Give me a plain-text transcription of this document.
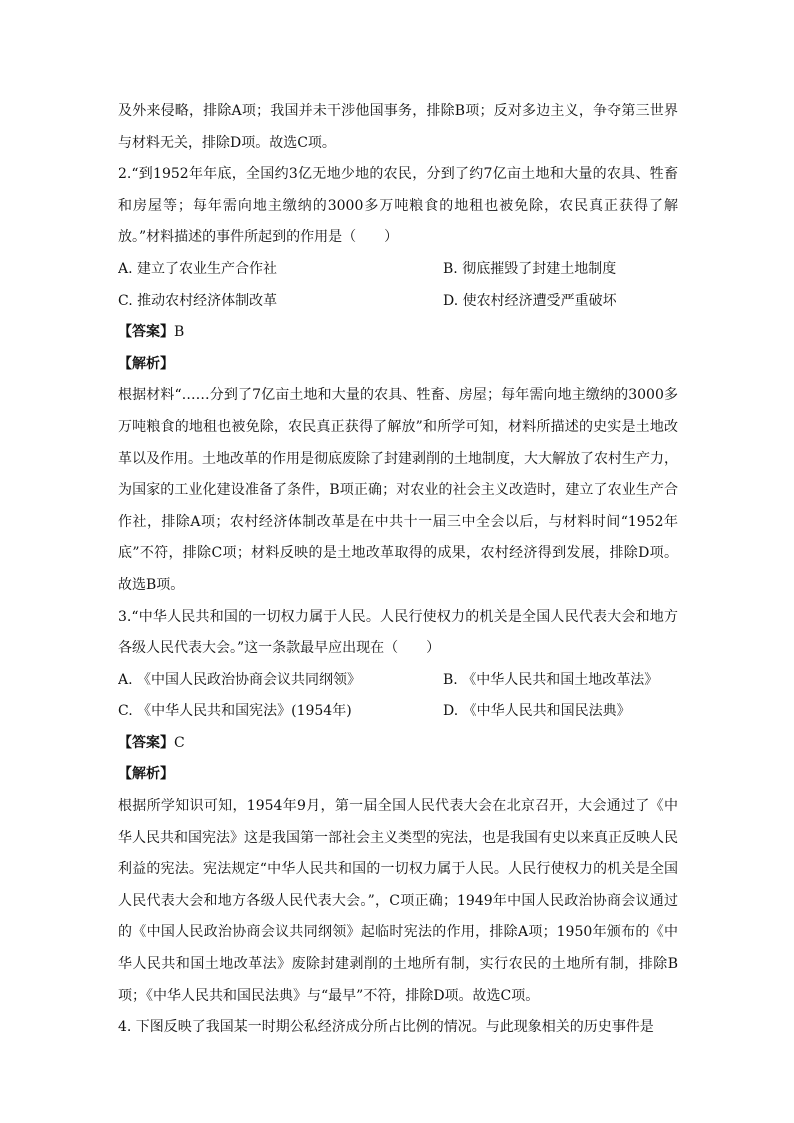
及外来侵略，排除A项；我国并未干涉他国事务，排除B项；反对多边主义，争夺第三世界与材料无关，排除D项。故选C项。

2.“到1952年年底，全国约3亿无地少地的农民，分到了约7亿亩土地和大量的农具、牲畜和房屋等；每年需向地主缴纳的3000多万吨粮食的地租也被免除，农民真正获得了解放。”材料描述的事件所起到的作用是（　　）

A. 建立了农业生产合作社	B. 彻底摧毁了封建土地制度
C. 推动农村经济体制改革	D. 使农村经济遭受严重破坏

【答案】B

【解析】

根据材料“……分到了7亿亩土地和大量的农具、牲畜、房屋；每年需向地主缴纳的3000多万吨粮食的地租也被免除，农民真正获得了解放”和所学可知，材料所描述的史实是土地改革以及作用。土地改革的作用是彻底废除了封建剥削的土地制度，大大解放了农村生产力，为国家的工业化建设准备了条件，B项正确；对农业的社会主义改造时，建立了农业生产合作社，排除A项；农村经济体制改革是在中共十一届三中全会以后，与材料时间“1952年底”不符，排除C项；材料反映的是土地改革取得的成果，农村经济得到发展，排除D项。故选B项。

3.“中华人民共和国的一切权力属于人民。人民行使权力的机关是全国人民代表大会和地方各级人民代表大会。”这一条款最早应出现在（　　）

A. 《中国人民政治协商会议共同纲领》	B. 《中华人民共和国土地改革法》
C. 《中华人民共和国宪法》(1954年)	D. 《中华人民共和国民法典》

【答案】C

【解析】

根据所学知识可知，1954年9月，第一届全国人民代表大会在北京召开，大会通过了《中华人民共和国宪法》这是我国第一部社会主义类型的宪法，也是我国有史以来真正反映人民利益的宪法。宪法规定“中华人民共和国的一切权力属于人民。人民行使权力的机关是全国人民代表大会和地方各级人民代表大会。”，C项正确；1949年中国人民政治协商会议通过的《中国人民政治协商会议共同纲领》起临时宪法的作用，排除A项；1950年颁布的《中华人民共和国土地改革法》废除封建剥削的土地所有制，实行农民的土地所有制，排除B项；《中华人民共和国民法典》与“最早”不符，排除D项。故选C项。

4. 下图反映了我国某一时期公私经济成分所占比例的情况。与此现象相关的历史事件是
